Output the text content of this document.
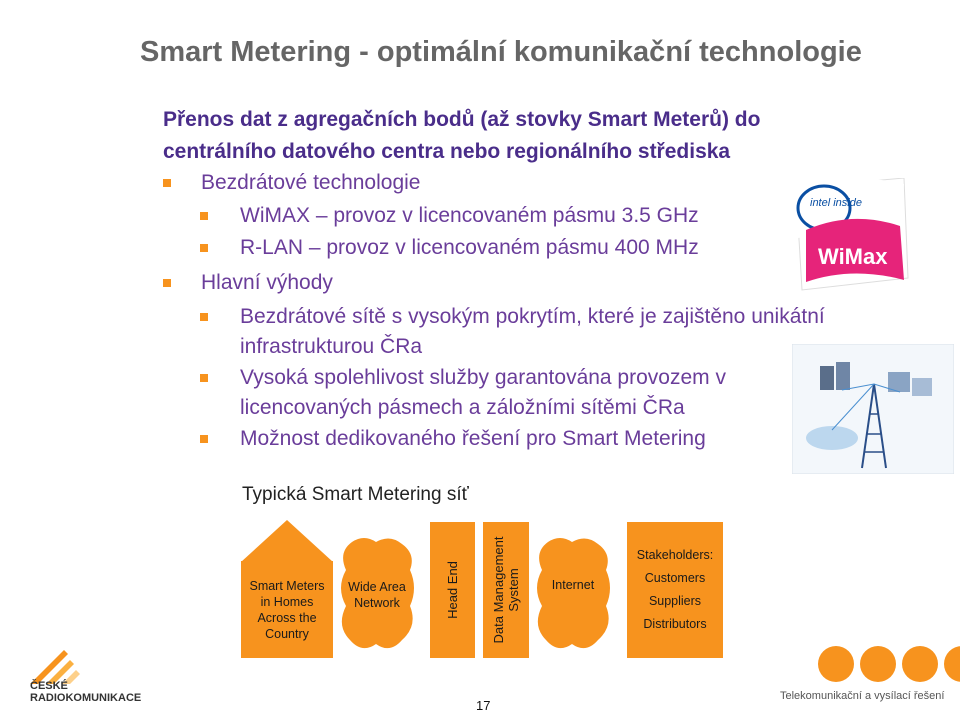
Smart Metering - optimální komunikační technologie
Přenos dat z agregačních bodů (až stovky Smart Meterů) do centrálního datového centra nebo regionálního střediska
Bezdrátové technologie
WiMAX – provoz v licencovaném pásmu 3.5 GHz
R-LAN – provoz v licencovaném pásmu 400 MHz
Hlavní výhody
Bezdrátové sítě s vysokým pokrytím, které je zajištěno unikátní infrastrukturou ČRa
Vysoká spolehlivost služby garantována provozem v licencovaných pásmech a záložními sítěmi ČRa
Možnost dedikovaného řešení pro Smart Metering
intel inside
WiMax
Typická Smart Metering síť
Smart Meters in Homes Across the Country
Wide Area Network	Head End Data Management System Internet
Stakeholders:
Customers
Suppliers
Distributors
ČESKÉ
RADIOKOMUNIKACE	17
Telekomunikační a vysílací řešení
